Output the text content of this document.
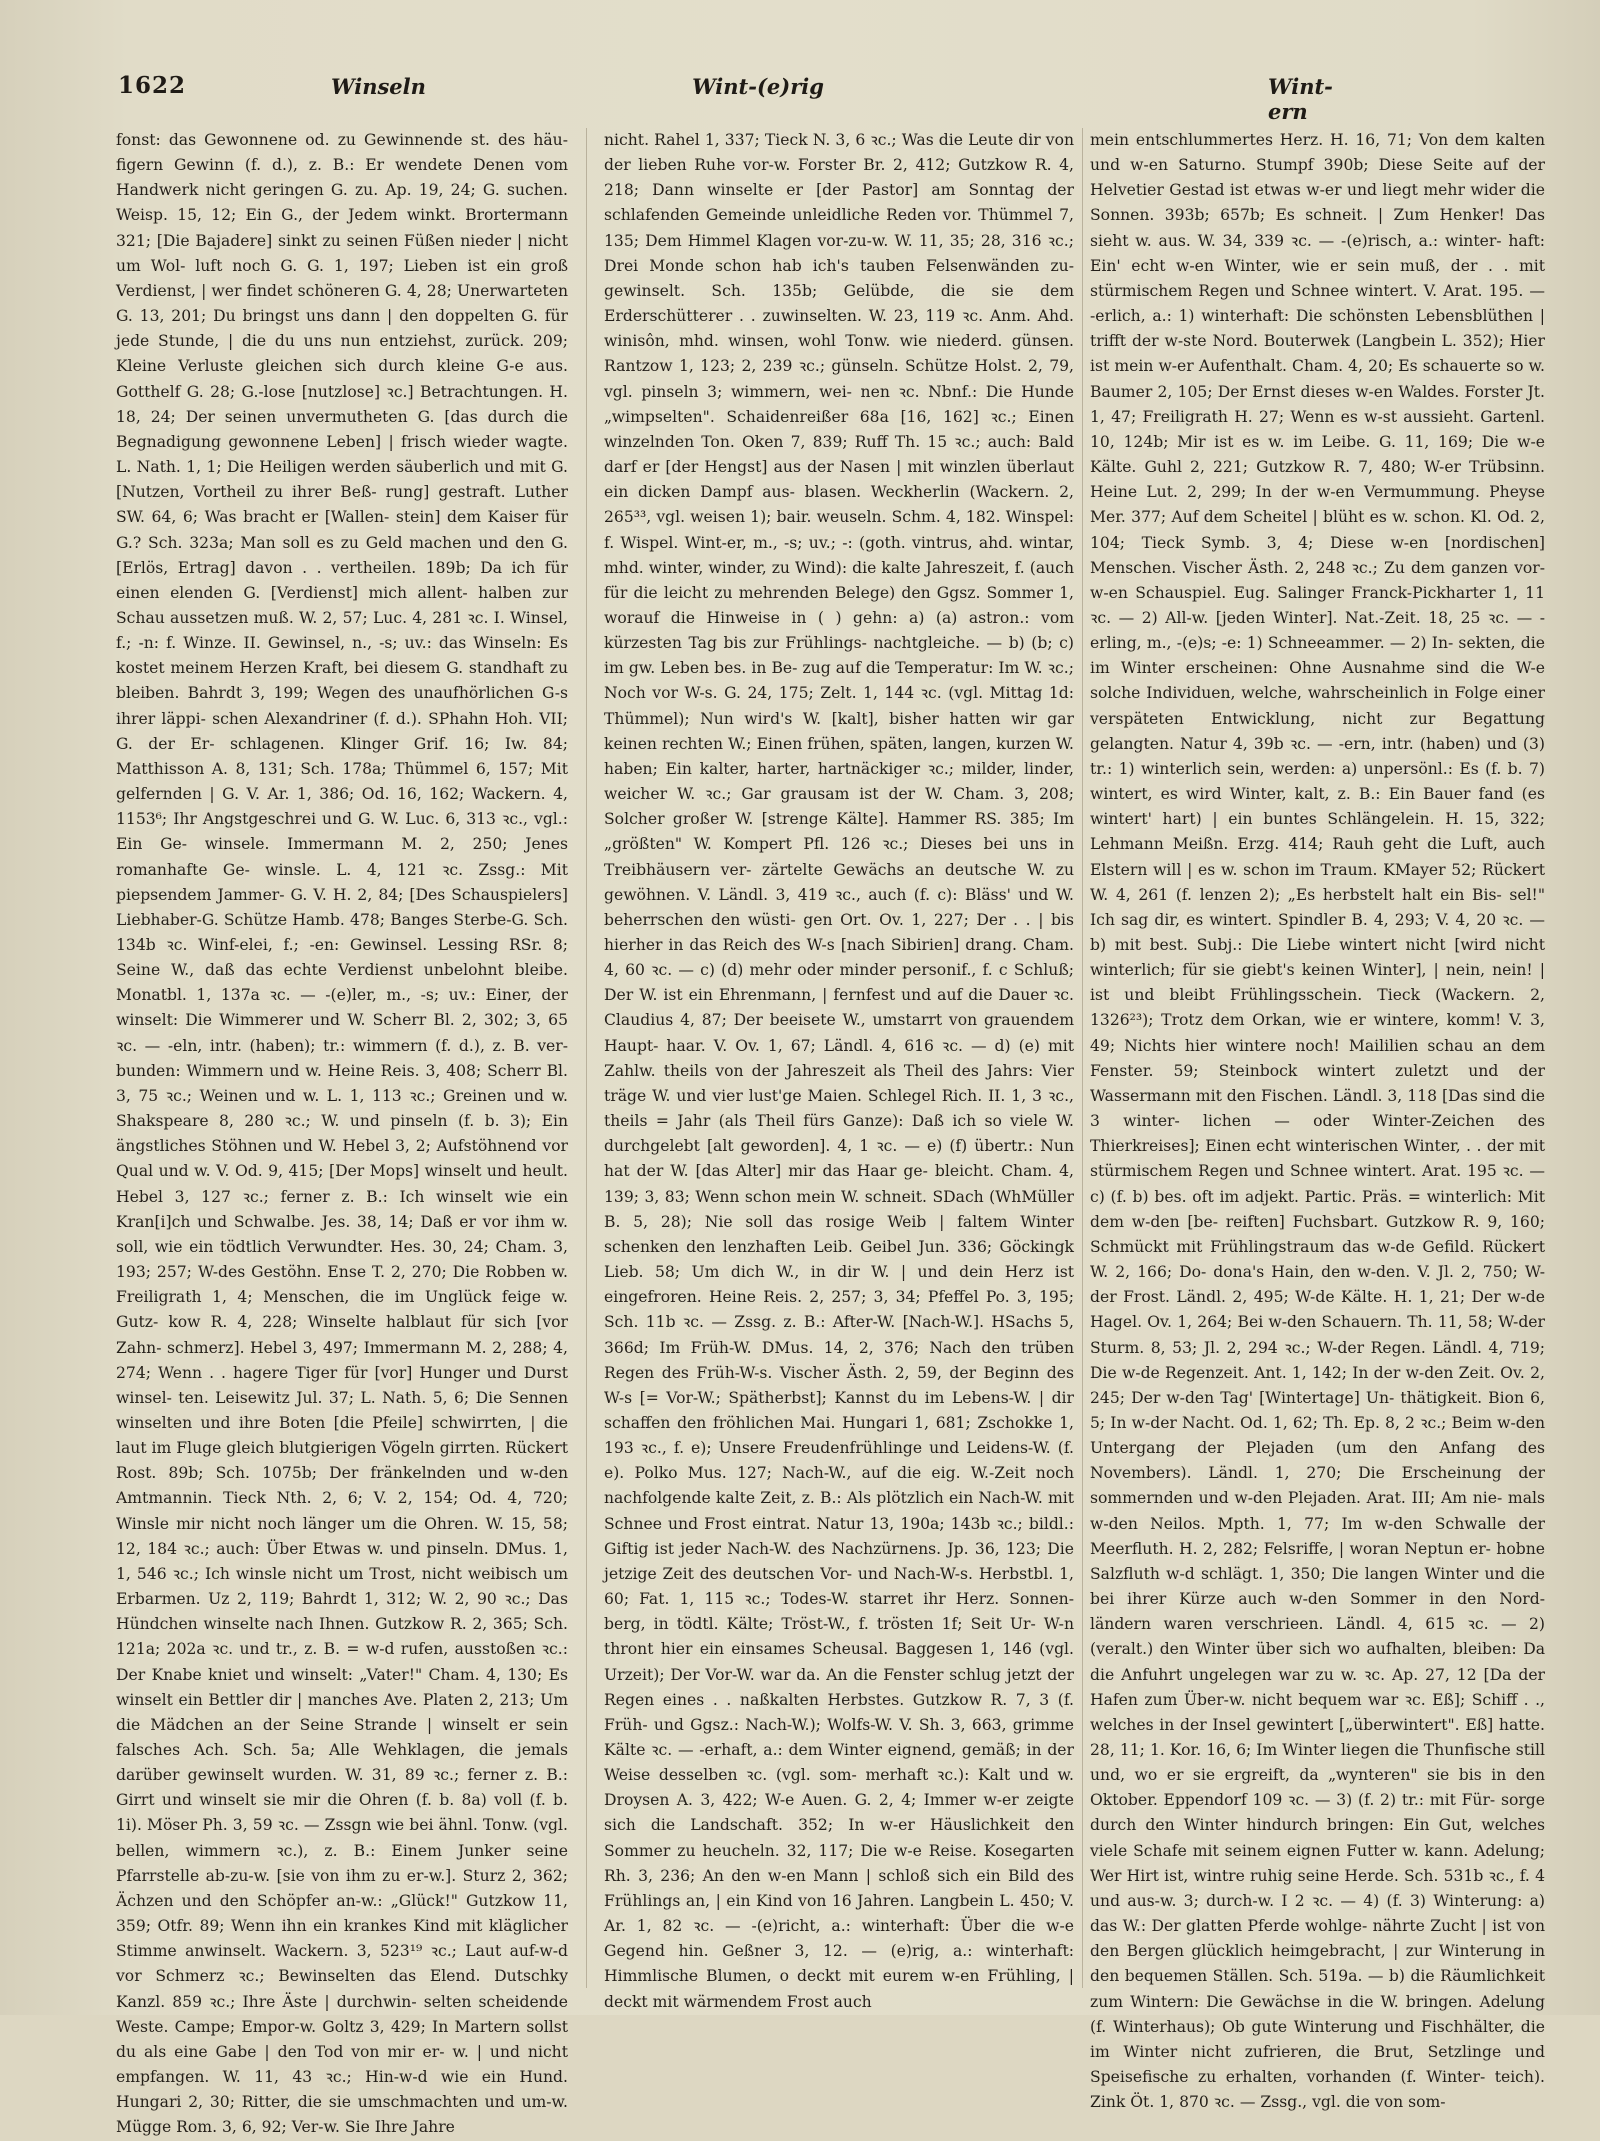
1622	Winseln	Wint-(e)rig	Wint-ern

fonst: das Gewonnene od. zu Gewinnende st. des häu- figern Gewinn (f. d.), z. B.: Er wendete Denen vom Handwerk nicht geringen G. zu. Ap. 19, 24; G. suchen. Weisp. 15, 12; Ein G., der Jedem winkt. Brortermann 321; [Die Bajadere] sinkt zu seinen Füßen nieder | nicht um Wol- luft noch G. G. 1, 197; Lieben ist ein groß Verdienst, | wer findet schöneren G. 4, 28; Unerwarteten G. 13, 201; Du bringst uns dann | den doppelten G. für jede Stunde, | die du uns nun entziehst, zurück. 209; Kleine Verluste gleichen sich durch kleine G-e aus. Gotthelf G. 28; G.-lose [nutzlose] ꝛc.] Betrachtungen. H. 18, 24; Der seinen unvermutheten G. [das durch die Begnadigung gewonnene Leben] | frisch wieder wagte. L. Nath. 1, 1; Die Heiligen werden säuberlich und mit G. [Nutzen, Vortheil zu ihrer Beß- rung] gestraft. Luther SW. 64, 6; Was bracht er [Wallen- stein] dem Kaiser für G.? Sch. 323a; Man soll es zu Geld machen und den G. [Erlös, Ertrag] davon . . vertheilen. 189b; Da ich für einen elenden G. [Verdienst] mich allent- halben zur Schau aussetzen muß. W. 2, 57; Luc. 4, 281 ꝛc. I. Winsel, f.; -n: f. Winze. II. Gewinsel, n., -s; uv.: das Winseln: Es kostet meinem Herzen Kraft, bei diesem G. standhaft zu bleiben. Bahrdt 3, 199; Wegen des unaufhörlichen G-s ihrer läppi- schen Alexandriner (f. d.). SPhahn Hoh. VII; G. der Er- schlagenen. Klinger Grif. 16; Iw. 84; Matthisson A. 8, 131; Sch. 178a; Thümmel 6, 157; Mit gelfernden | G. V. Ar. 1, 386; Od. 16, 162; Wackern. 4, 1153⁶; Ihr Angstgeschrei und G. W. Luc. 6, 313 ꝛc., vgl.: Ein Ge- winsele. Immermann M. 2, 250; Jenes romanhafte Ge- winsle. L. 4, 121 ꝛc. Zssg.: Mit piepsendem Jammer- G. V. H. 2, 84; [Des Schauspielers] Liebhaber-G. Schütze Hamb. 478; Banges Sterbe-G. Sch. 134b ꝛc. Winf-elei, f.; -en: Gewinsel. Lessing RSr. 8; Seine W., daß das echte Verdienst unbelohnt bleibe. Monatbl. 1, 137a ꝛc. — -(e)ler, m., -s; uv.: Einer, der winselt: Die Wimmerer und W. Scherr Bl. 2, 302; 3, 65 ꝛc. — -eln, intr. (haben); tr.: wimmern (f. d.), z. B. ver- bunden: Wimmern und w. Heine Reis. 3, 408; Scherr Bl. 3, 75 ꝛc.; Weinen und w. L. 1, 113 ꝛc.; Greinen und w. Shakspeare 8, 280 ꝛc.; W. und pinseln (f. b. 3); Ein ängstliches Stöhnen und W. Hebel 3, 2; Aufstöhnend vor Qual und w. V. Od. 9, 415; [Der Mops] winselt und heult. Hebel 3, 127 ꝛc.; ferner z. B.: Ich winselt wie ein Kran[i]ch und Schwalbe. Jes. 38, 14; Daß er vor ihm w. soll, wie ein tödtlich Verwundter. Hes. 30, 24; Cham. 3, 193; 257; W-des Gestöhn. Ense T. 2, 270; Die Robben w. Freiligrath 1, 4; Menschen, die im Unglück feige w. Gutz- kow R. 4, 228; Winselte halblaut für sich [vor Zahn- schmerz]. Hebel 3, 497; Immermann M. 2, 288; 4, 274; Wenn . . hagere Tiger für [vor] Hunger und Durst winsel- ten. Leisewitz Jul. 37; L. Nath. 5, 6; Die Sennen winselten und ihre Boten [die Pfeile] schwirrten, | die laut im Fluge gleich blutgierigen Vögeln girrten. Rückert Rost. 89b; Sch. 1075b; Der fränkelnden und w-den Amtmannin. Tieck Nth. 2, 6; V. 2, 154; Od. 4, 720; Winsle mir nicht noch länger um die Ohren. W. 15, 58; 12, 184 ꝛc.; auch: Über Etwas w. und pinseln. DMus. 1, 1, 546 ꝛc.; Ich winsle nicht um Trost, nicht weibisch um Erbarmen. Uz 2, 119; Bahrdt 1, 312; W. 2, 90 ꝛc.; Das Hündchen winselte nach Ihnen. Gutzkow R. 2, 365; Sch. 121a; 202a ꝛc. und tr., z. B. = w-d rufen, ausstoßen ꝛc.: Der Knabe kniet und winselt: „Vater!" Cham. 4, 130; Es winselt ein Bettler dir | manches Ave. Platen 2, 213; Um die Mädchen an der Seine Strande | winselt er sein falsches Ach. Sch. 5a; Alle Wehklagen, die jemals darüber gewinselt wurden. W. 31, 89 ꝛc.; ferner z. B.: Girrt und winselt sie mir die Ohren (f. b. 8a) voll (f. b. 1i). Möser Ph. 3, 59 ꝛc. — Zssgn wie bei ähnl. Tonw. (vgl. bellen, wimmern ꝛc.), z. B.: Einem Junker seine Pfarrstelle ab-zu-w. [sie von ihm zu er-w.]. Sturz 2, 362; Ächzen und den Schöpfer an-w.: „Glück!" Gutzkow 11, 359; Otfr. 89; Wenn ihn ein krankes Kind mit kläglicher Stimme anwinselt. Wackern. 3, 523¹⁹ ꝛc.; Laut auf-w-d vor Schmerz ꝛc.; Bewinselten das Elend. Dutschky Kanzl. 859 ꝛc.; Ihre Äste | durchwin- selten scheidende Weste. Campe; Empor-w. Goltz 3, 429; In Martern sollst du als eine Gabe | den Tod von mir er- w. | und nicht empfangen. W. 11, 43 ꝛc.; Hin-w-d wie ein Hund. Hungari 2, 30; Ritter, die sie umschmachten und um-w. Mügge Rom. 3, 6, 92; Ver-w. Sie Ihre Jahre

nicht. Rahel 1, 337; Tieck N. 3, 6 ꝛc.; Was die Leute dir von der lieben Ruhe vor-w. Forster Br. 2, 412; Gutzkow R. 4, 218; Dann winselte er [der Pastor] am Sonntag der schlafenden Gemeinde unleidliche Reden vor. Thümmel 7, 135; Dem Himmel Klagen vor-zu-w. W. 11, 35; 28, 316 ꝛc.; Drei Monde schon hab ich's tauben Felsenwänden zu- gewinselt. Sch. 135b; Gelübde, die sie dem Erderschütterer . . zuwinselten. W. 23, 119 ꝛc. Anm. Ahd. winisôn, mhd. winsen, wohl Tonw. wie niederd. günsen. Rantzow 1, 123; 2, 239 ꝛc.; günseln. Schütze Holst. 2, 79, vgl. pinseln 3; wimmern, wei- nen ꝛc. Nbnf.: Die Hunde „wimpselten". Schaidenreißer 68a [16, 162] ꝛc.; Einen winzelnden Ton. Oken 7, 839; Ruff Th. 15 ꝛc.; auch: Bald darf er [der Hengst] aus der Nasen | mit winzlen überlaut ein dicken Dampf aus- blasen. Weckherlin (Wackern. 2, 265³³, vgl. weisen 1); bair. weuseln. Schm. 4, 182. Winspel: f. Wispel. Wint-er, m., -s; uv.; -: (goth. vintrus, ahd. wintar, mhd. winter, winder, zu Wind): die kalte Jahreszeit, f. (auch für die leicht zu mehrenden Belege) den Ggsz. Sommer 1, worauf die Hinweise in ( ) gehn: a) (a) astron.: vom kürzesten Tag bis zur Frühlings- nachtgleiche. — b) (b; c) im gw. Leben bes. in Be- zug auf die Temperatur: Im W. ꝛc.; Noch vor W-s. G. 24, 175; Zelt. 1, 144 ꝛc. (vgl. Mittag 1d: Thümmel); Nun wird's W. [kalt], bisher hatten wir gar keinen rechten W.; Einen frühen, späten, langen, kurzen W. haben; Ein kalter, harter, hartnäckiger ꝛc.; milder, linder, weicher W. ꝛc.; Gar grausam ist der W. Cham. 3, 208; Solcher großer W. [strenge Kälte]. Hammer RS. 385; Im „größten" W. Kompert Pfl. 126 ꝛc.; Dieses bei uns in Treibhäusern ver- zärtelte Gewächs an deutsche W. zu gewöhnen. V. Ländl. 3, 419 ꝛc., auch (f. c): Bläss' und W. beherrschen den wüsti- gen Ort. Ov. 1, 227; Der . . | bis hierher in das Reich des W-s [nach Sibirien] drang. Cham. 4, 60 ꝛc. — c) (d) mehr oder minder personif., f. c Schluß; Der W. ist ein Ehrenmann, | fernfest und auf die Dauer ꝛc. Claudius 4, 87; Der beeisete W., umstarrt von grauendem Haupt- haar. V. Ov. 1, 67; Ländl. 4, 616 ꝛc. — d) (e) mit Zahlw. theils von der Jahreszeit als Theil des Jahrs: Vier träge W. und vier lust'ge Maien. Schlegel Rich. II. 1, 3 ꝛc., theils = Jahr (als Theil fürs Ganze): Daß ich so viele W. durchgelebt [alt geworden]. 4, 1 ꝛc. — e) (f) übertr.: Nun hat der W. [das Alter] mir das Haar ge- bleicht. Cham. 4, 139; 3, 83; Wenn schon mein W. schneit. SDach (WhMüller B. 5, 28); Nie soll das rosige Weib | faltem Winter schenken den lenzhaften Leib. Geibel Jun. 336; Göckingk Lieb. 58; Um dich W., in dir W. | und dein Herz ist eingefroren. Heine Reis. 2, 257; 3, 34; Pfeffel Po. 3, 195; Sch. 11b ꝛc. — Zssg. z. B.: After-W. [Nach-W.]. HSachs 5, 366d; Im Früh-W. DMus. 14, 2, 376; Nach den trüben Regen des Früh-W-s. Vischer Ästh. 2, 59, der Beginn des W-s [= Vor-W.; Spätherbst]; Kannst du im Lebens-W. | dir schaffen den fröhlichen Mai. Hungari 1, 681; Zschokke 1, 193 ꝛc., f. e); Unsere Freudenfrühlinge und Leidens-W. (f. e). Polko Mus. 127; Nach-W., auf die eig. W.-Zeit noch nachfolgende kalte Zeit, z. B.: Als plötzlich ein Nach-W. mit Schnee und Frost eintrat. Natur 13, 190a; 143b ꝛc.; bildl.: Giftig ist jeder Nach-W. des Nachzürnens. Jp. 36, 123; Die jetzige Zeit des deutschen Vor- und Nach-W-s. Herbstbl. 1, 60; Fat. 1, 115 ꝛc.; Todes-W. starret ihr Herz. Sonnen- berg, in tödtl. Kälte; Tröst-W., f. trösten 1f; Seit Ur- W-n thront hier ein einsames Scheusal. Baggesen 1, 146 (vgl. Urzeit); Der Vor-W. war da. An die Fenster schlug jetzt der Regen eines . . naßkalten Herbstes. Gutzkow R. 7, 3 (f. Früh- und Ggsz.: Nach-W.); Wolfs-W. V. Sh. 3, 663, grimme Kälte ꝛc. — -erhaft, a.: dem Winter eignend, gemäß; in der Weise desselben ꝛc. (vgl. som- merhaft ꝛc.): Kalt und w. Droysen A. 3, 422; W-e Auen. G. 2, 4; Immer w-er zeigte sich die Landschaft. 352; In w-er Häuslichkeit den Sommer zu heucheln. 32, 117; Die w-e Reise. Kosegarten Rh. 3, 236; An den w-en Mann | schloß sich ein Bild des Frühlings an, | ein Kind von 16 Jahren. Langbein L. 450; V. Ar. 1, 82 ꝛc. — -(e)richt, a.: winterhaft: Über die w-e Gegend hin. Geßner 3, 12. — (e)rig, a.: winterhaft: Himmlische Blumen, o deckt mit eurem w-en Frühling, | deckt mit wärmendem Frost auch

mein entschlummertes Herz. H. 16, 71; Von dem kalten und w-en Saturno. Stumpf 390b; Diese Seite auf der Helvetier Gestad ist etwas w-er und liegt mehr wider die Sonnen. 393b; 657b; Es schneit. | Zum Henker! Das sieht w. aus. W. 34, 339 ꝛc. — -(e)risch, a.: winter- haft: Ein' echt w-en Winter, wie er sein muß, der . . mit stürmischem Regen und Schnee wintert. V. Arat. 195. — -erlich, a.: 1) winterhaft: Die schönsten Lebensblüthen | trifft der w-ste Nord. Bouterwek (Langbein L. 352); Hier ist mein w-er Aufenthalt. Cham. 4, 20; Es schauerte so w. Baumer 2, 105; Der Ernst dieses w-en Waldes. Forster Jt. 1, 47; Freiligrath H. 27; Wenn es w-st aussieht. Gartenl. 10, 124b; Mir ist es w. im Leibe. G. 11, 169; Die w-e Kälte. Guhl 2, 221; Gutzkow R. 7, 480; W-er Trübsinn. Heine Lut. 2, 299; In der w-en Vermummung. Pheyse Mer. 377; Auf dem Scheitel | blüht es w. schon. Kl. Od. 2, 104; Tieck Symb. 3, 4; Diese w-en [nordischen] Menschen. Vischer Ästh. 2, 248 ꝛc.; Zu dem ganzen vor- w-en Schauspiel. Eug. Salinger Franck-Pickharter 1, 11 ꝛc. — 2) All-w. [jeden Winter]. Nat.-Zeit. 18, 25 ꝛc. — -erling, m., -(e)s; -e: 1) Schneeammer. — 2) In- sekten, die im Winter erscheinen: Ohne Ausnahme sind die W-e solche Individuen, welche, wahrscheinlich in Folge einer verspäteten Entwicklung, nicht zur Begattung gelangten. Natur 4, 39b ꝛc. — -ern, intr. (haben) und (3) tr.: 1) winterlich sein, werden: a) unpersönl.: Es (f. b. 7) wintert, es wird Winter, kalt, z. B.: Ein Bauer fand (es wintert' hart) | ein buntes Schlängelein. H. 15, 322; Lehmann Meißn. Erzg. 414; Rauh geht die Luft, auch Elstern will | es w. schon im Traum. KMayer 52; Rückert W. 4, 261 (f. lenzen 2); „Es herbstelt halt ein Bis- sel!" Ich sag dir, es wintert. Spindler B. 4, 293; V. 4, 20 ꝛc. — b) mit best. Subj.: Die Liebe wintert nicht [wird nicht winterlich; für sie giebt's keinen Winter], | nein, nein! | ist und bleibt Frühlingsschein. Tieck (Wackern. 2, 1326²³); Trotz dem Orkan, wie er wintere, komm! V. 3, 49; Nichts hier wintere noch! Maililien schau an dem Fenster. 59; Steinbock wintert zuletzt und der Wassermann mit den Fischen. Ländl. 3, 118 [Das sind die 3 winter- lichen — oder Winter-Zeichen des Thierkreises]; Einen echt winterischen Winter, . . der mit stürmischem Regen und Schnee wintert. Arat. 195 ꝛc. — c) (f. b) bes. oft im adjekt. Partic. Präs. = winterlich: Mit dem w-den [be- reiften] Fuchsbart. Gutzkow R. 9, 160; Schmückt mit Frühlingstraum das w-de Gefild. Rückert W. 2, 166; Do- dona's Hain, den w-den. V. Jl. 2, 750; W-der Frost. Ländl. 2, 495; W-de Kälte. H. 1, 21; Der w-de Hagel. Ov. 1, 264; Bei w-den Schauern. Th. 11, 58; W-der Sturm. 8, 53; Jl. 2, 294 ꝛc.; W-der Regen. Ländl. 4, 719; Die w-de Regenzeit. Ant. 1, 142; In der w-den Zeit. Ov. 2, 245; Der w-den Tag' [Wintertage] Un- thätigkeit. Bion 6, 5; In w-der Nacht. Od. 1, 62; Th. Ep. 8, 2 ꝛc.; Beim w-den Untergang der Plejaden (um den Anfang des Novembers). Ländl. 1, 270; Die Erscheinung der sommernden und w-den Plejaden. Arat. III; Am nie- mals w-den Neilos. Mpth. 1, 77; Im w-den Schwalle der Meerfluth. H. 2, 282; Felsriffe, | woran Neptun er- hobne Salzfluth w-d schlägt. 1, 350; Die langen Winter und die bei ihrer Kürze auch w-den Sommer in den Nord- ländern waren verschrieen. Ländl. 4, 615 ꝛc. — 2) (veralt.) den Winter über sich wo aufhalten, bleiben: Da die Anfuhrt ungelegen war zu w. ꝛc. Ap. 27, 12 [Da der Hafen zum Über-w. nicht bequem war ꝛc. Eß]; Schiff . ., welches in der Insel gewintert [„überwintert". Eß] hatte. 28, 11; 1. Kor. 16, 6; Im Winter liegen die Thunfische still und, wo er sie ergreift, da „wynteren" sie bis in den Oktober. Eppendorf 109 ꝛc. — 3) (f. 2) tr.: mit Für- sorge durch den Winter hindurch bringen: Ein Gut, welches viele Schafe mit seinem eignen Futter w. kann. Adelung; Wer Hirt ist, wintre ruhig seine Herde. Sch. 531b ꝛc., f. 4 und aus-w. 3; durch-w. I 2 ꝛc. — 4) (f. 3) Winterung: a) das W.: Der glatten Pferde wohlge- nährte Zucht | ist von den Bergen glücklich heimgebracht, | zur Winterung in den bequemen Ställen. Sch. 519a. — b) die Räumlichkeit zum Wintern: Die Gewächse in die W. bringen. Adelung (f. Winterhaus); Ob gute Winterung und Fischhälter, die im Winter nicht zufrieren, die Brut, Setzlinge und Speisefische zu erhalten, vorhanden (f. Winter- teich). Zink Öt. 1, 870 ꝛc. — Zssg., vgl. die von som-
